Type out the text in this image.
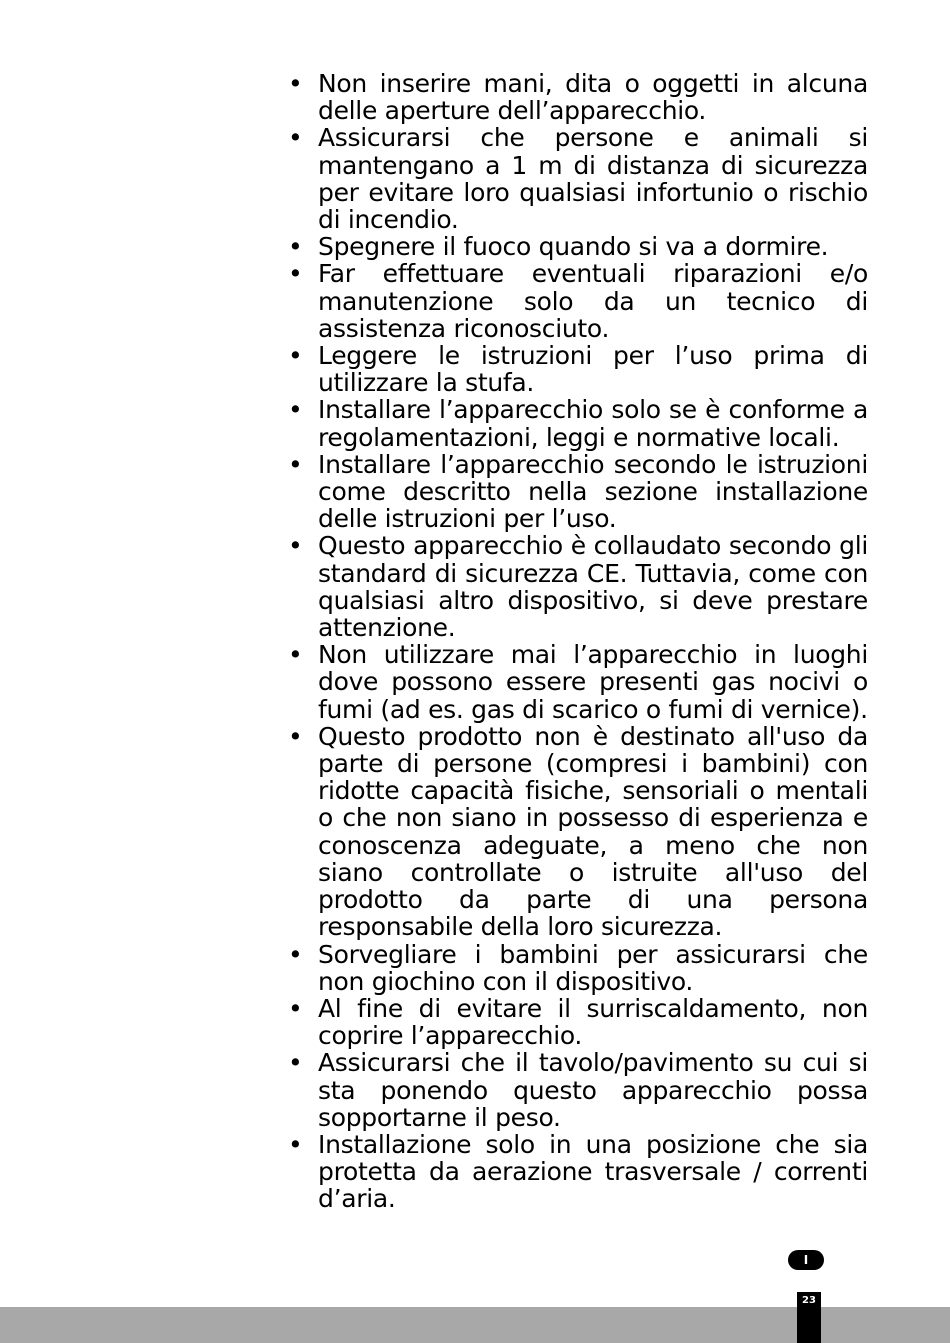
• Non inserire mani, dita o oggetti in alcuna delle aperture dell’apparecchio.
• Assicurarsi che persone e animali si mantengano a 1 m di distanza di sicurezza per evitare loro qualsiasi infortunio o rischio di incendio.
• Spegnere il fuoco quando si va a dormire.
• Far effettuare eventuali riparazioni e/o manutenzione solo da un tecnico di assistenza riconosciuto.
• Leggere le istruzioni per l’uso prima di utilizzare la stufa.
• Installare l’apparecchio solo se è conforme a regolamentazioni, leggi e normative locali.
• Installare l’apparecchio secondo le istruzioni come descritto nella sezione installazione delle istruzioni per l’uso.
• Questo apparecchio è collaudato secondo gli standard di sicurezza CE. Tuttavia, come con qualsiasi altro dispositivo, si deve prestare attenzione.
• Non utilizzare mai l’apparecchio in luoghi dove possono essere presenti gas nocivi o fumi (ad es. gas di scarico o fumi di vernice).
• Questo prodotto non è destinato all'uso da parte di persone (compresi i bambini) con ridotte capacità fisiche, sensoriali o mentali o che non siano in possesso di esperienza e conoscenza adeguate, a meno che non siano controllate o istruite all'uso del prodotto da parte di una persona responsabile della loro sicurezza.
• Sorvegliare i bambini per assicurarsi che non giochino con il dispositivo.
• Al fine di evitare il surriscaldamento, non coprire l’apparecchio.
• Assicurarsi che il tavolo/pavimento su cui si sta ponendo questo apparecchio possa sopportarne il peso.
• Installazione solo in una posizione che sia protetta da aerazione trasversale / correnti d’aria.
I
23
